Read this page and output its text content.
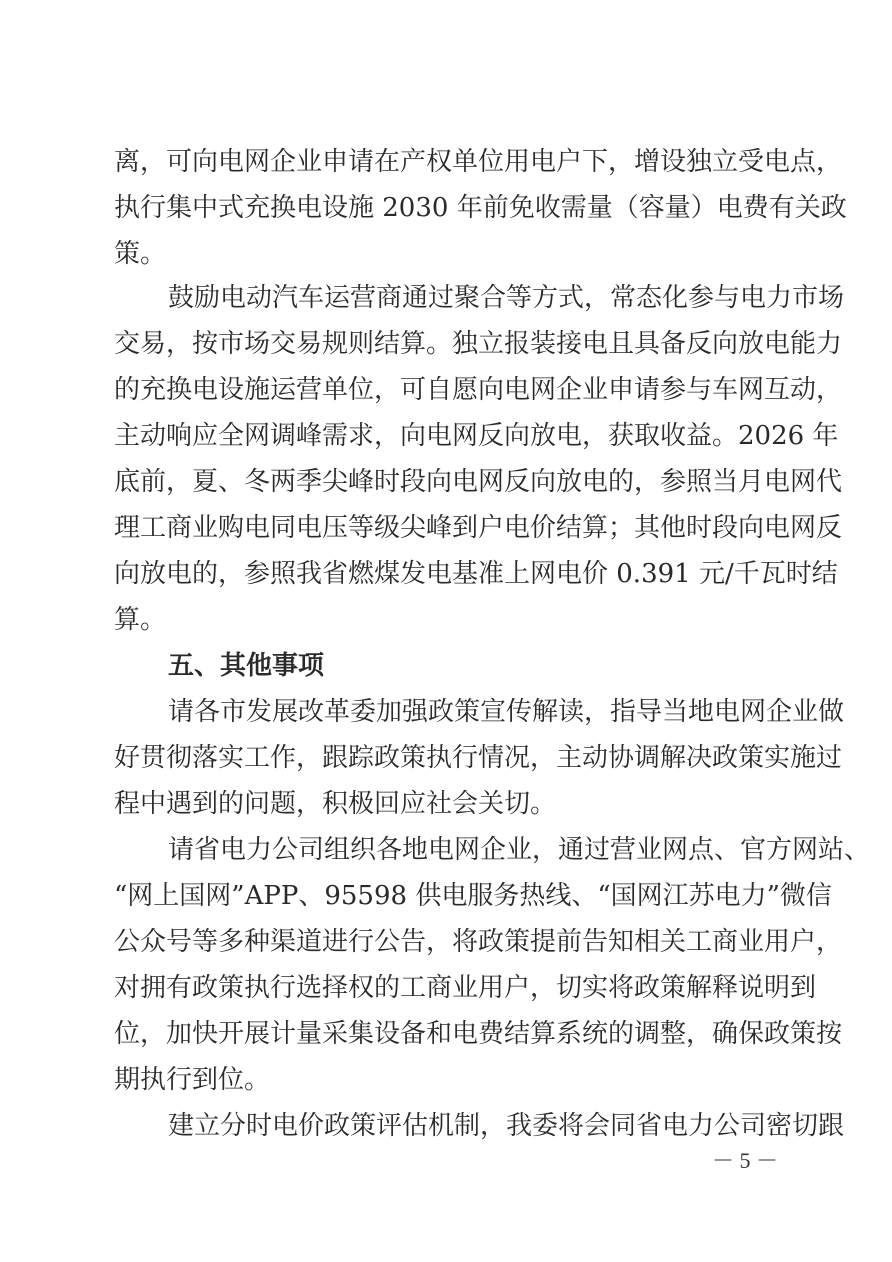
离，可向电网企业申请在产权单位用电户下，增设独立受电点，
执行集中式充换电设施 2030 年前免收需量（容量）电费有关政
策。
鼓励电动汽车运营商通过聚合等方式，常态化参与电力市场
交易，按市场交易规则结算。独立报装接电且具备反向放电能力
的充换电设施运营单位，可自愿向电网企业申请参与车网互动，
主动响应全网调峰需求，向电网反向放电，获取收益。2026 年
底前，夏、冬两季尖峰时段向电网反向放电的，参照当月电网代
理工商业购电同电压等级尖峰到户电价结算；其他时段向电网反
向放电的，参照我省燃煤发电基准上网电价 0.391 元/千瓦时结
算。
五、其他事项
请各市发展改革委加强政策宣传解读，指导当地电网企业做
好贯彻落实工作，跟踪政策执行情况，主动协调解决政策实施过
程中遇到的问题，积极回应社会关切。
请省电力公司组织各地电网企业，通过营业网点、官方网站、
“网上国网”APP、95598 供电服务热线、“国网江苏电力”微信
公众号等多种渠道进行公告，将政策提前告知相关工商业用户，
对拥有政策执行选择权的工商业用户，切实将政策解释说明到
位，加快开展计量采集设备和电费结算系统的调整，确保政策按
期执行到位。
建立分时电价政策评估机制，我委将会同省电力公司密切跟
－ 5 －
